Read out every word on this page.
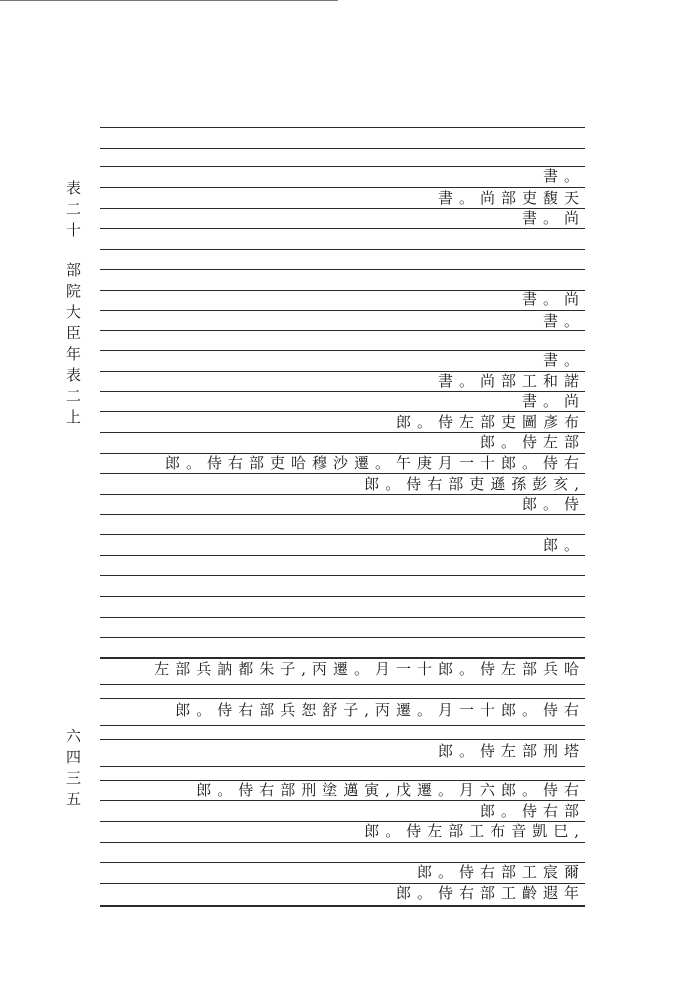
表二十
部院大臣年表二上
六四三五
書。
書。尚部吏馥天
書。尚
書。尚
書。
書。
書。尚部工和諾
書。尚
郎。侍左部吏圖彥布
郎。侍左部
郎。侍右部吏哈穆沙遷。午庚月一十郎。侍右
郎。侍右部吏遜孫彭亥,
郎。侍
郎。
左部兵訥都朱子,丙遷。月一十郎。侍左部兵哈
郎。侍右部兵恕舒子,丙遷。月一十郎。侍右
郎。侍左部刑塔
郎。侍右部刑塗邁寅,戊遷。月六郎。侍右
郎。侍右部
郎。侍左部工布音凱巳,
郎。侍右部工宸爾
郎。侍右部工齡遐年
